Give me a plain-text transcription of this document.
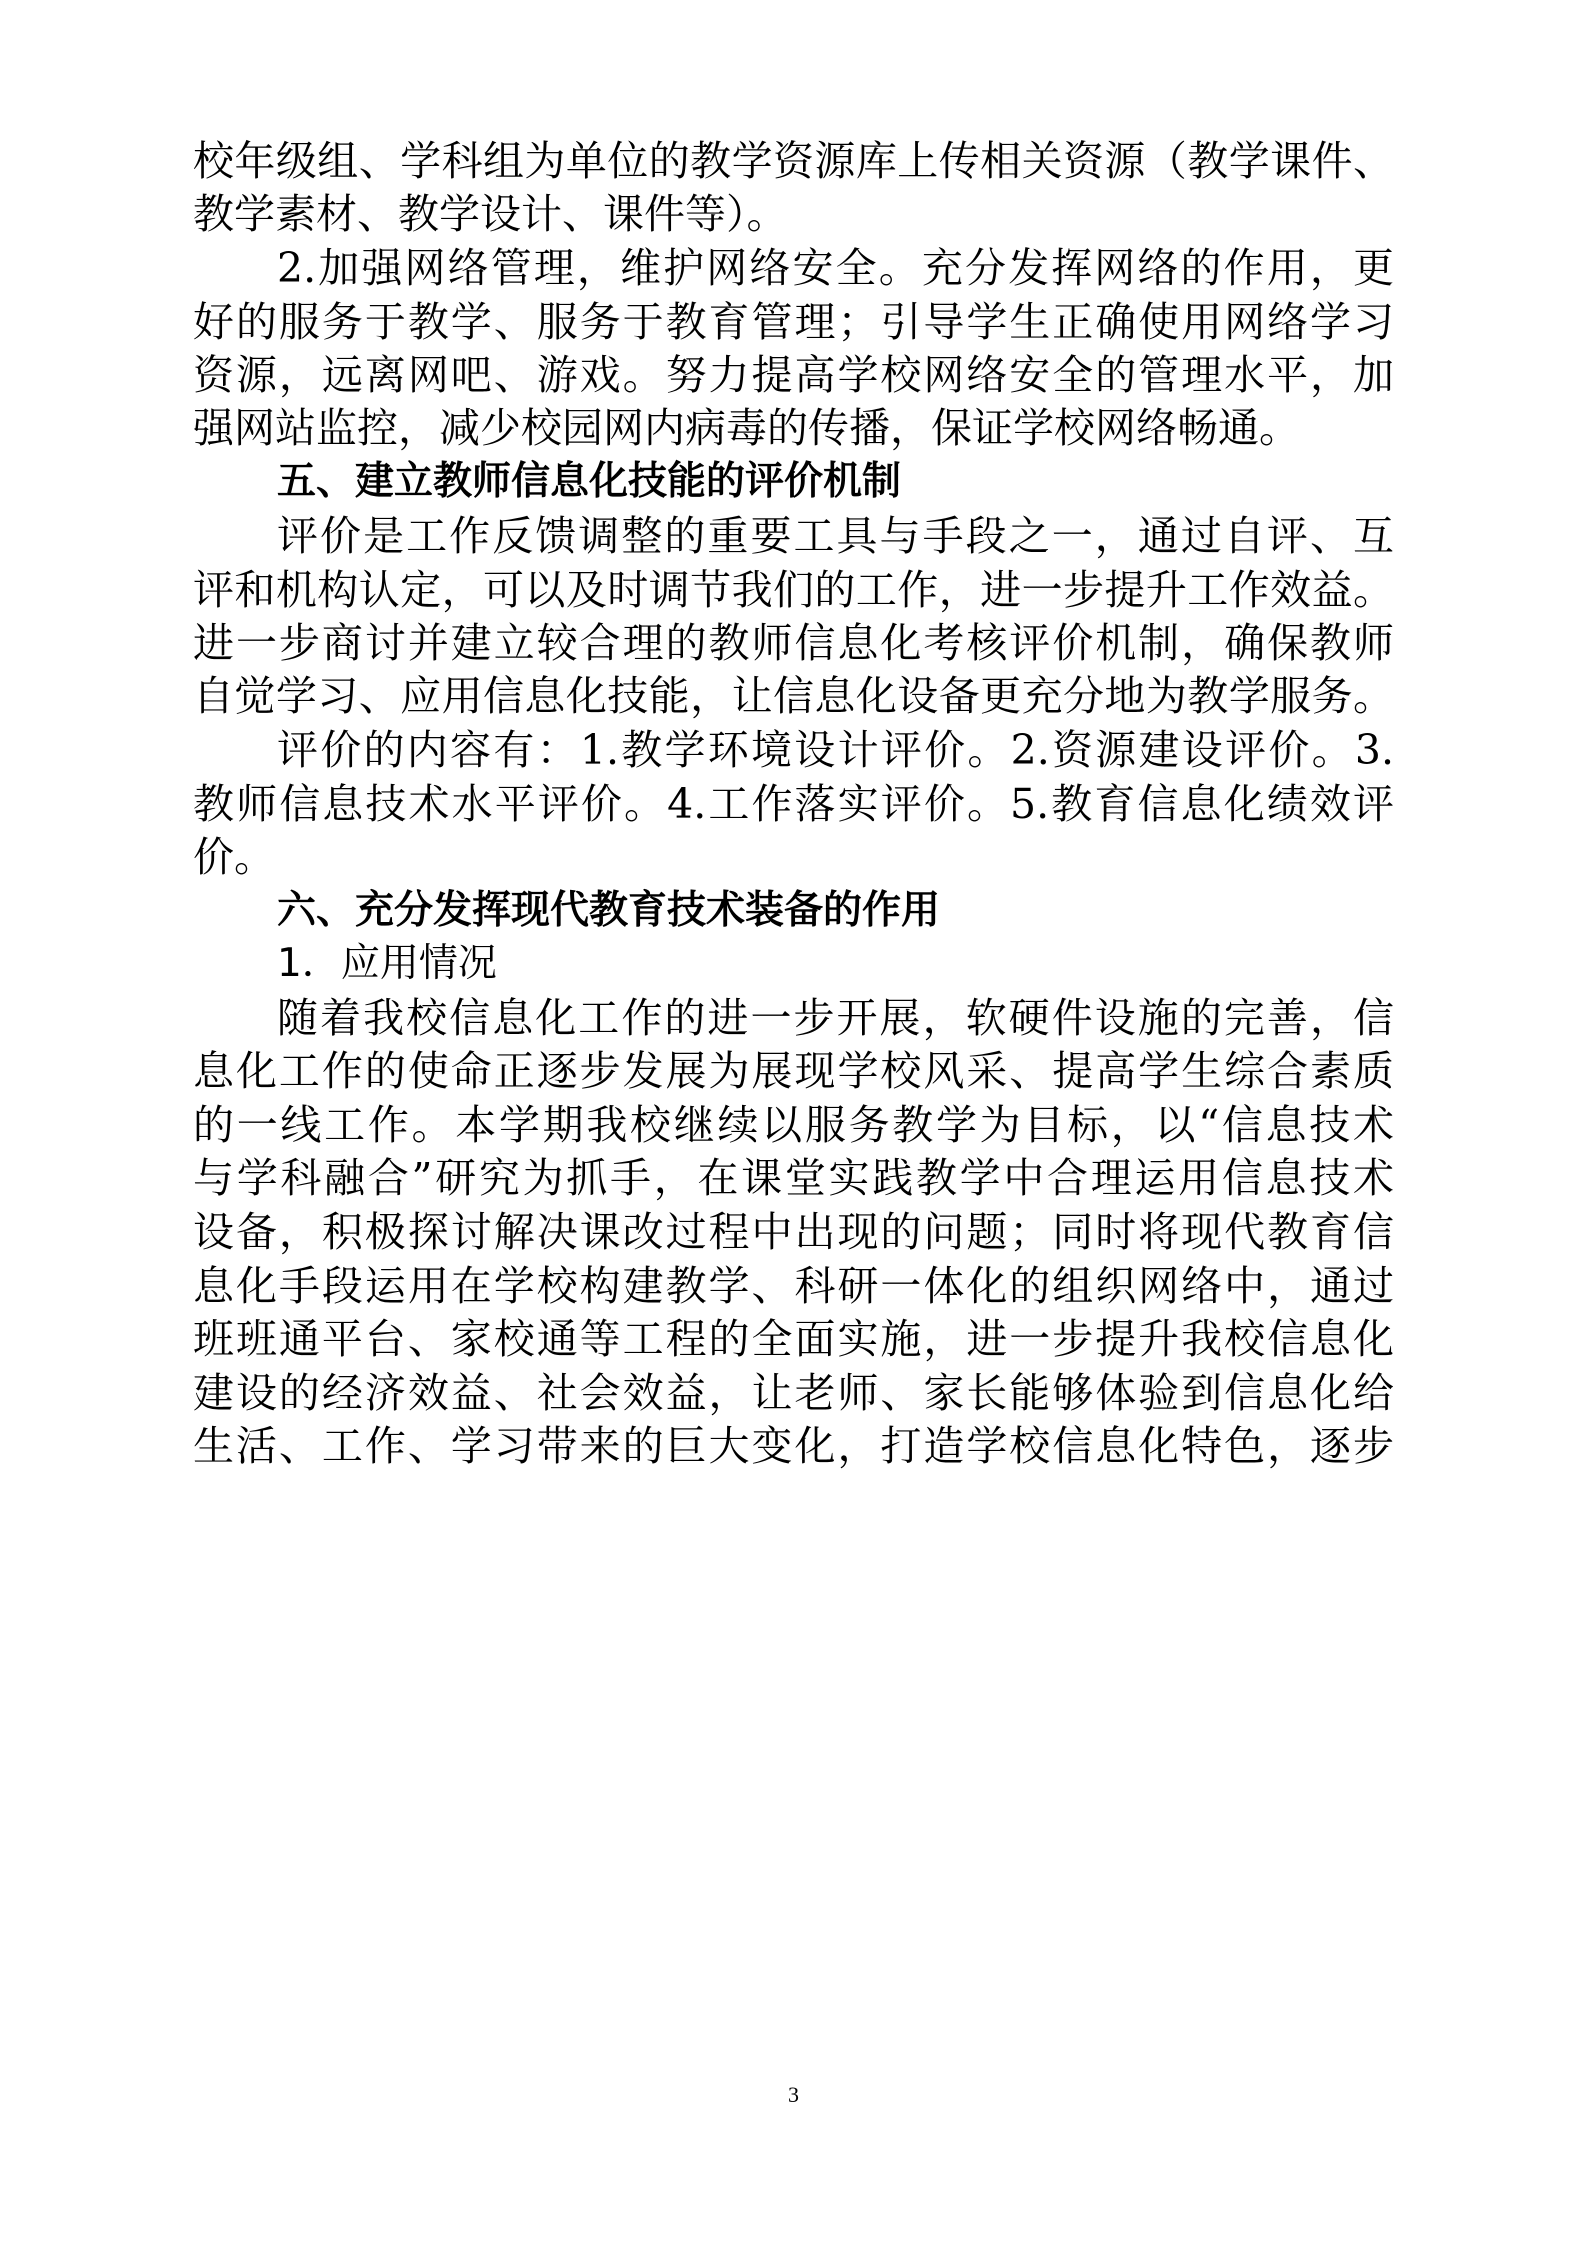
校年级组、学科组为单位的教学资源库上传相关资源（教学课件、
教学素材、教学设计、课件等）。
2.加强网络管理，维护网络安全。充分发挥网络的作用，更
好的服务于教学、服务于教育管理；引导学生正确使用网络学习
资源，远离网吧、游戏。努力提高学校网络安全的管理水平，加
强网站监控，减少校园网内病毒的传播，保证学校网络畅通。
五、建立教师信息化技能的评价机制
评价是工作反馈调整的重要工具与手段之一，通过自评、互
评和机构认定，可以及时调节我们的工作，进一步提升工作效益。
进一步商讨并建立较合理的教师信息化考核评价机制，确保教师
自觉学习、应用信息化技能，让信息化设备更充分地为教学服务。
评价的内容有：1.教学环境设计评价。2.资源建设评价。3.
教师信息技术水平评价。4.工作落实评价。5.教育信息化绩效评
价。
六、充分发挥现代教育技术装备的作用
1．应用情况
随着我校信息化工作的进一步开展，软硬件设施的完善，信
息化工作的使命正逐步发展为展现学校风采、提高学生综合素质
的一线工作。本学期我校继续以服务教学为目标，以“信息技术
与学科融合”研究为抓手，在课堂实践教学中合理运用信息技术
设备，积极探讨解决课改过程中出现的问题；同时将现代教育信
息化手段运用在学校构建教学、科研一体化的组织网络中，通过
班班通平台、家校通等工程的全面实施，进一步提升我校信息化
建设的经济效益、社会效益，让老师、家长能够体验到信息化给
生活、工作、学习带来的巨大变化，打造学校信息化特色，逐步
3
